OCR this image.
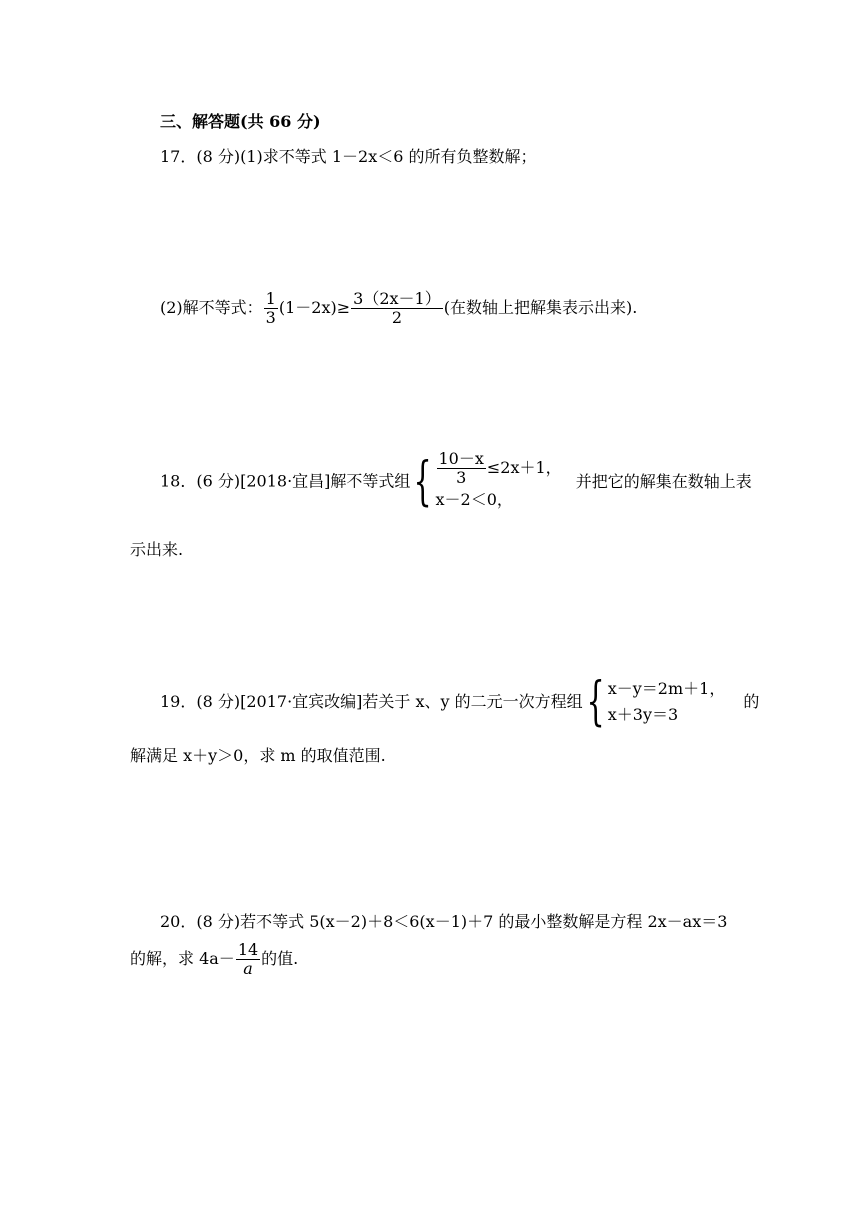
三、解答题(共 66 分)
17．(8 分)(1)求不等式 1－2x＜6 的所有负整数解；
(2)解不等式： $\frac{1}{3} (1-2x)\ge \frac{3(2x-1)}{2}$ (在数轴上把解集表示出来).
18．(6 分)[2018·宜昌]解不等式组{ $\frac{10-x}{3} \le 2x+1$，
x－2＜0，
并把它的解集在数轴上表
示出来.
19．(8 分)[2017·宜宾改编]若关于 x、y 的二元一次方程组{ x－y＝2m＋1，
x＋3y＝3
的
解满足 x＋y＞0，求 m 的取值范围.
20．(8 分)若不等式 5(x－2)＋8＜6(x－1)＋7 的最小整数解是方程 2x－ax＝3
的解，求 $4a- \frac{14}{a}$ 的值.
